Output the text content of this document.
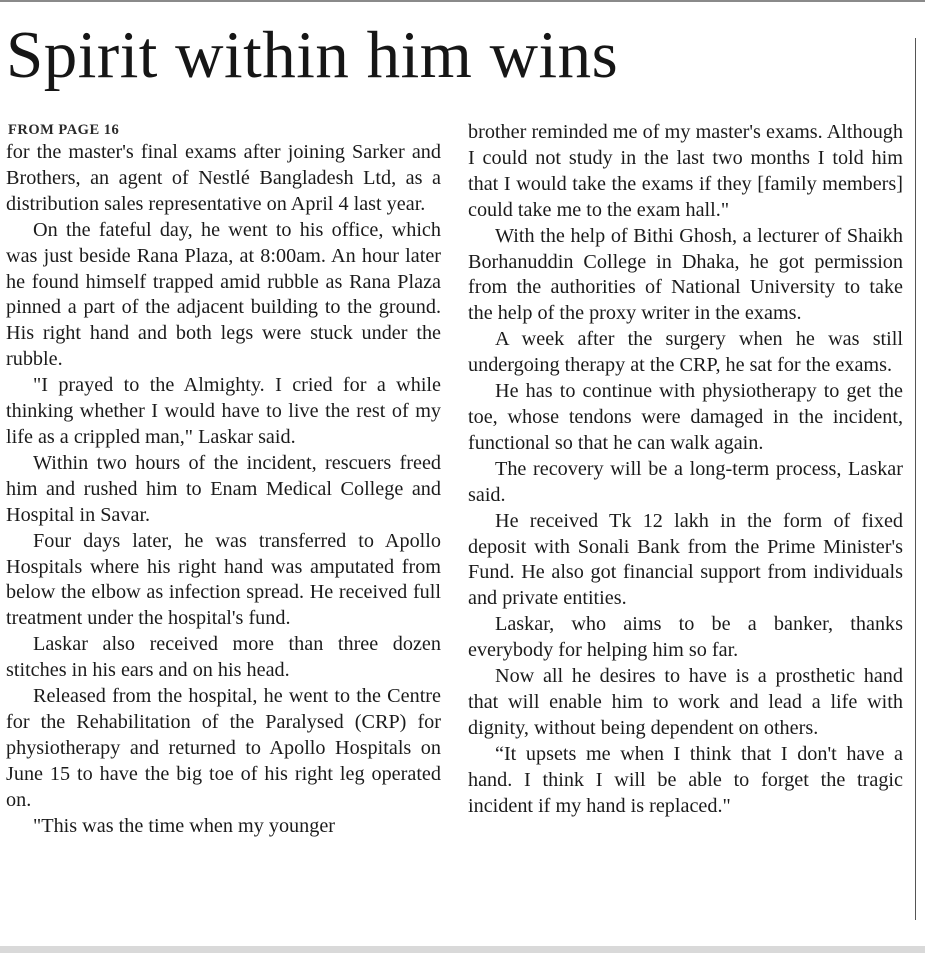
Spirit within him wins
FROM PAGE 16

for the master's final exams after joining Sarker and Brothers, an agent of Nestlé Bangladesh Ltd, as a distribution sales representative on April 4 last year.

On the fateful day, he went to his office, which was just beside Rana Plaza, at 8:00am. An hour later he found himself trapped amid rubble as Rana Plaza pinned a part of the adjacent building to the ground. His right hand and both legs were stuck under the rubble.

"I prayed to the Almighty. I cried for a while thinking whether I would have to live the rest of my life as a crippled man," Laskar said.

Within two hours of the incident, rescuers freed him and rushed him to Enam Medical College and Hospital in Savar.

Four days later, he was transferred to Apollo Hospitals where his right hand was amputated from below the elbow as infection spread. He received full treatment under the hospital's fund.

Laskar also received more than three dozen stitches in his ears and on his head.

Released from the hospital, he went to the Centre for the Rehabilitation of the Paralysed (CRP) for physiotherapy and returned to Apollo Hospitals on June 15 to have the big toe of his right leg operated on.

"This was the time when my younger

brother reminded me of my master's exams. Although I could not study in the last two months I told him that I would take the exams if they [family members] could take me to the exam hall."

With the help of Bithi Ghosh, a lecturer of Shaikh Borhanuddin College in Dhaka, he got permission from the authorities of National University to take the help of the proxy writer in the exams.

A week after the surgery when he was still undergoing therapy at the CRP, he sat for the exams.

He has to continue with physiotherapy to get the toe, whose tendons were damaged in the incident, functional so that he can walk again.

The recovery will be a long-term process, Laskar said.

He received Tk 12 lakh in the form of fixed deposit with Sonali Bank from the Prime Minister's Fund. He also got financial support from individuals and private entities.

Laskar, who aims to be a banker, thanks everybody for helping him so far.

Now all he desires to have is a prosthetic hand that will enable him to work and lead a life with dignity, without being dependent on others.

“It upsets me when I think that I don't have a hand. I think I will be able to forget the tragic incident if my hand is replaced."
